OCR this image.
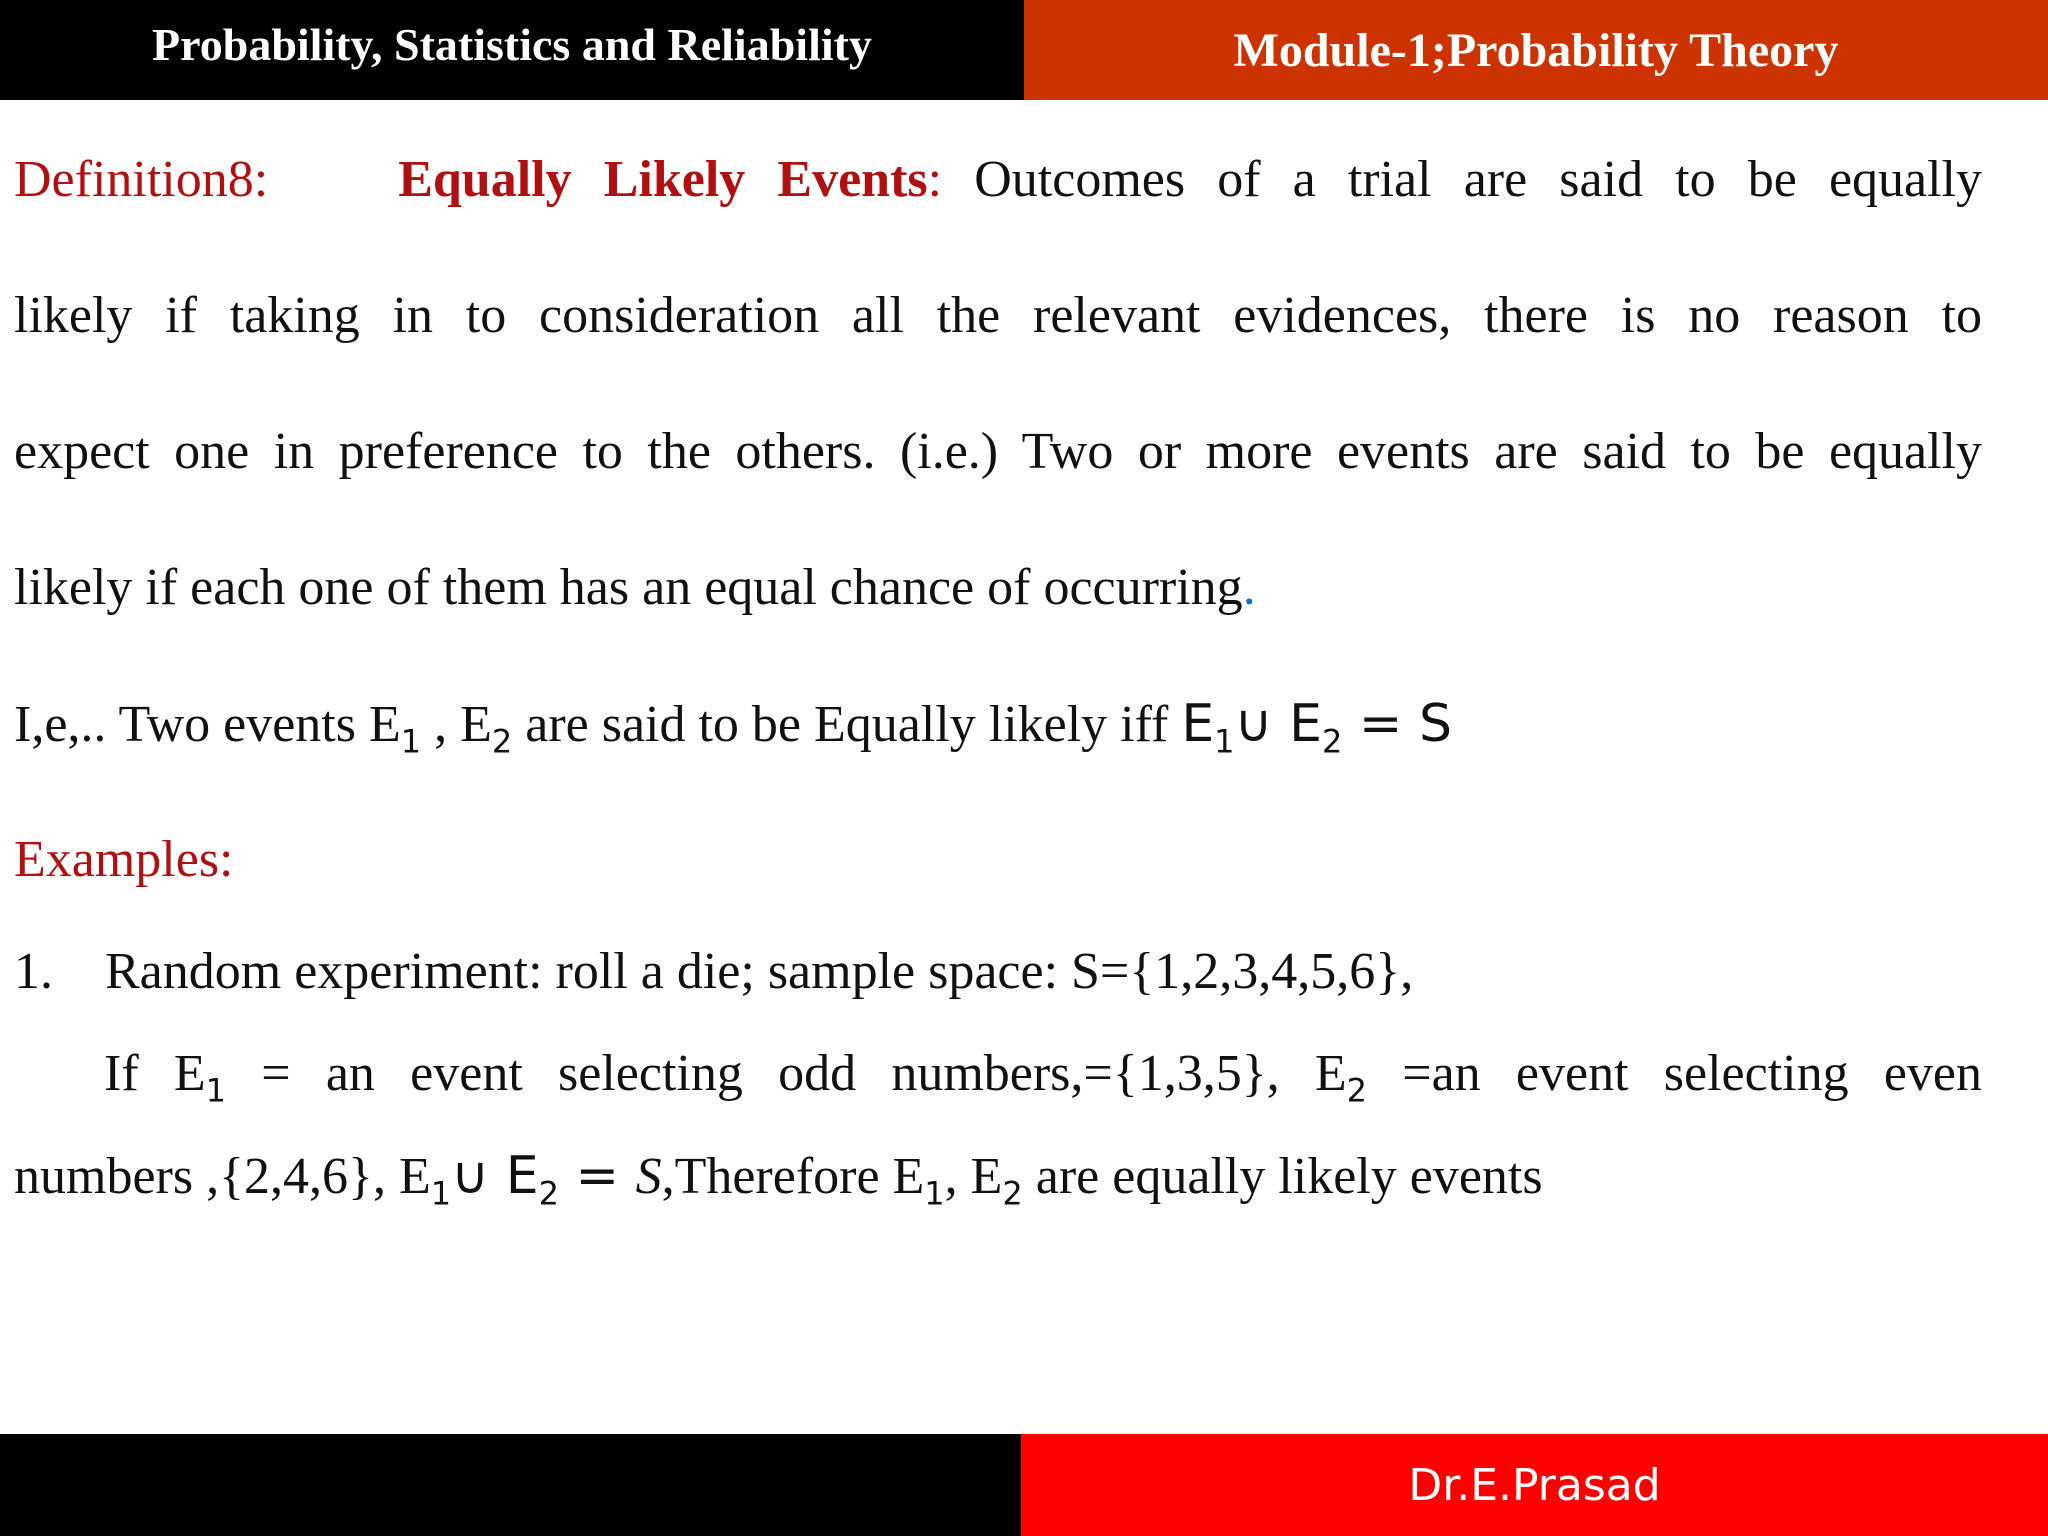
Probability, Statistics and Reliability	Module-1;Probability Theory
Definition8:	Equally Likely Events: Outcomes of a trial are said to be equally
likely if taking in to consideration all the relevant evidences, there is no reason to
expect one in preference to the others. (i.e.) Two or more events are said to be equally
likely if each one of them has an equal chance of occurring.
I,e,.. Two events $E_1$ , $E_2$ are said to be Equally likely iff $E_1\cup$ $E_2 = S$
Examples:
1. Random experiment: roll a die; sample space: S={1,2,3,4,5,6},
If $E_1$ = an event selecting odd numbers,={1,3,5}, $E_2 =an$ event selecting even
numbers ,{2,4,6}, $E_1\cup$ $E_2$ = S,Therefore $E_1$, $E_2$ are equally likely events
Dr.E.Prasad
